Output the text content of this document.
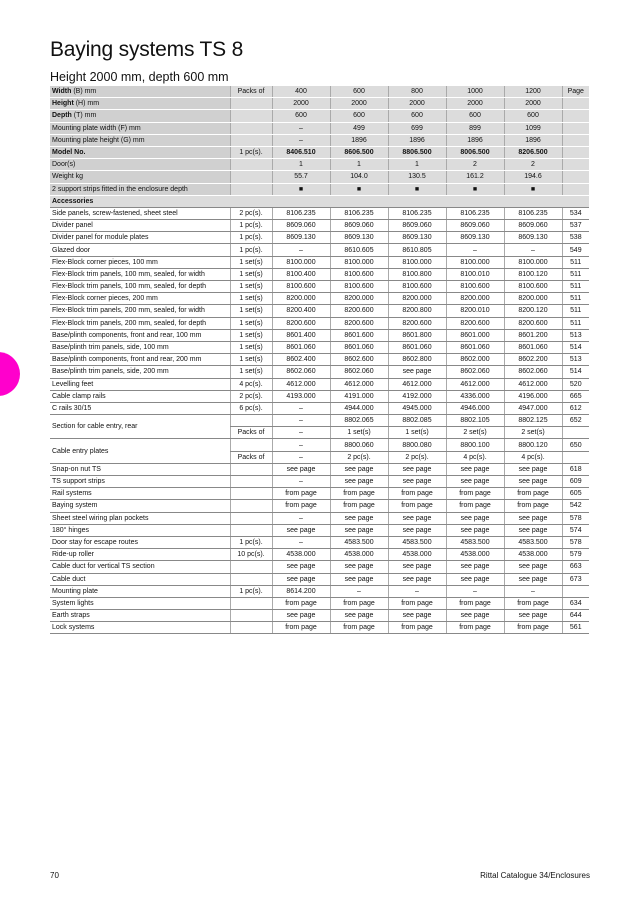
Baying systems TS 8
Height 2000 mm, depth 600 mm
Width (B) mm	Packs of	400	600	800	1000	1200	Page
Height (H) mm		2000	2000	2000	2000	2000	
Depth (T) mm		600	600	600	600	600	
Mounting plate width (F) mm		–	499	699	899	1099	
Mounting plate height (G) mm		–	1896	1896	1896	1896	
Model No.	1 pc(s).	8406.510	8606.500	8806.500	8006.500	8206.500	
Door(s)		1	1	1	2	2	
Weight kg		55.7	104.0	130.5	161.2	194.6	
2 support strips fitted in the enclosure depth		■	■	■	■	■	
Accessories							
Side panels, screw-fastened, sheet steel	2 pc(s).	8106.235	8106.235	8106.235	8106.235	8106.235	534
Divider panel	1 pc(s).	8609.060	8609.060	8609.060	8609.060	8609.060	537
Divider panel for module plates	1 pc(s).	8609.130	8609.130	8609.130	8609.130	8609.130	538
Glazed door	1 pc(s).	–	8610.605	8610.805	–	–	549
Flex-Block corner pieces, 100 mm	1 set(s)	8100.000	8100.000	8100.000	8100.000	8100.000	511
Flex-Block trim panels, 100 mm, sealed, for width	1 set(s)	8100.400	8100.600	8100.800	8100.010	8100.120	511
Flex-Block trim panels, 100 mm, sealed, for depth	1 set(s)	8100.600	8100.600	8100.600	8100.600	8100.600	511
Flex-Block corner pieces, 200 mm	1 set(s)	8200.000	8200.000	8200.000	8200.000	8200.000	511
Flex-Block trim panels, 200 mm, sealed, for width	1 set(s)	8200.400	8200.600	8200.800	8200.010	8200.120	511
Flex-Block trim panels, 200 mm, sealed, for depth	1 set(s)	8200.600	8200.600	8200.600	8200.600	8200.600	511
Base/plinth components, front and rear, 100 mm	1 set(s)	8601.400	8601.600	8601.800	8601.000	8601.200	513
Base/plinth trim panels, side, 100 mm	1 set(s)	8601.060	8601.060	8601.060	8601.060	8601.060	514
Base/plinth components, front and rear, 200 mm	1 set(s)	8602.400	8602.600	8602.800	8602.000	8602.200	513
Base/plinth trim panels, side, 200 mm	1 set(s)	8602.060	8602.060	see page	8602.060	8602.060	514
Levelling feet	4 pc(s).	4612.000	4612.000	4612.000	4612.000	4612.000	520
Cable clamp rails	2 pc(s).	4193.000	4191.000	4192.000	4336.000	4196.000	665
C rails 30/15	6 pc(s).	–	4944.000	4945.000	4946.000	4947.000	612
Section for cable entry, rear		–	8802.065	8802.085	8802.105	8802.125	652
	Packs of	–	1 set(s)	1 set(s)	2 set(s)	2 set(s)	
Cable entry plates		–	8800.060	8800.080	8800.100	8800.120	650
	Packs of	–	2 pc(s).	2 pc(s).	4 pc(s).	4 pc(s).	
Snap-on nut TS		see page	see page	see page	see page	see page	618
TS support strips		–	see page	see page	see page	see page	609
Rail systems		from page	from page	from page	from page	from page	605
Baying system		from page	from page	from page	from page	from page	542
Sheet steel wiring plan pockets		–	see page	see page	see page	see page	578
180° hinges		see page	see page	see page	see page	see page	574
Door stay for escape routes	1 pc(s).	–	4583.500	4583.500	4583.500	4583.500	578
Ride-up roller	10 pc(s).	4538.000	4538.000	4538.000	4538.000	4538.000	579
Cable duct for vertical TS section		see page	see page	see page	see page	see page	663
Cable duct		see page	see page	see page	see page	see page	673
Mounting plate	1 pc(s).	8614.200	–	–	–	–	
System lights		from page	from page	from page	from page	from page	634
Earth straps		see page	see page	see page	see page	see page	644
Lock systems		from page	from page	from page	from page	from page	561
70	Rittal Catalogue 34/Enclosures
